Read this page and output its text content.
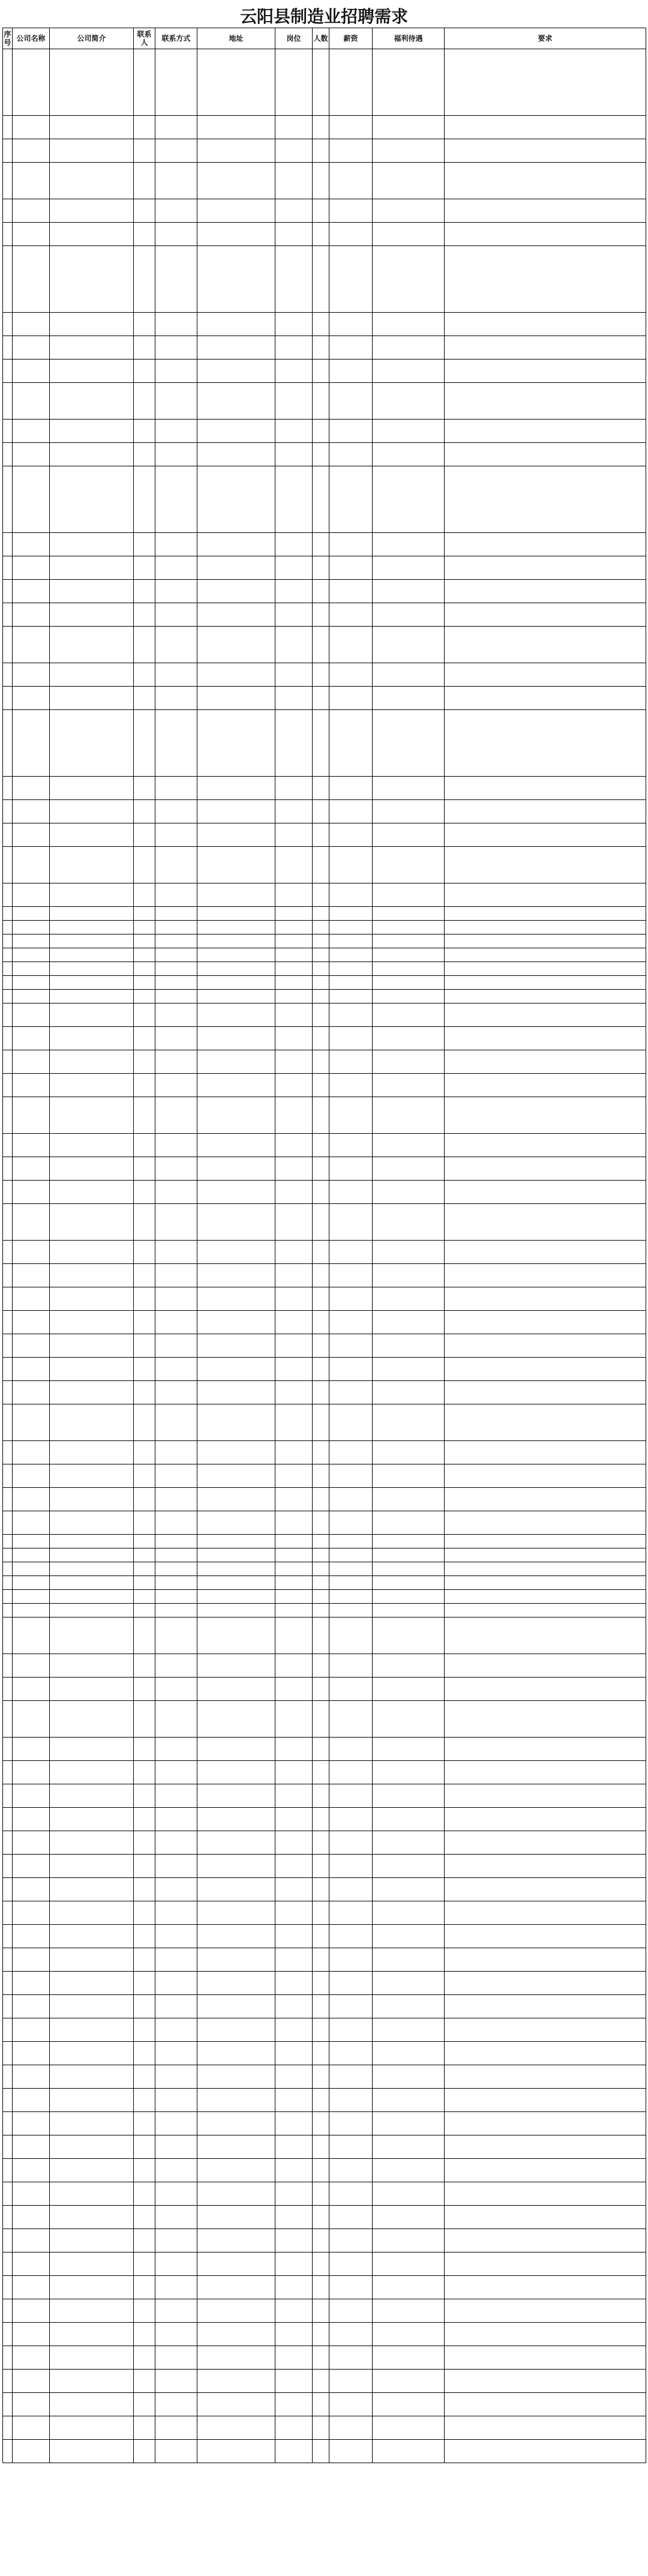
云阳县制造业招聘需求
序号	公司名称	公司简介	联系人	联系方式	地址	岗位	人数	薪资	福利待遇	要求
